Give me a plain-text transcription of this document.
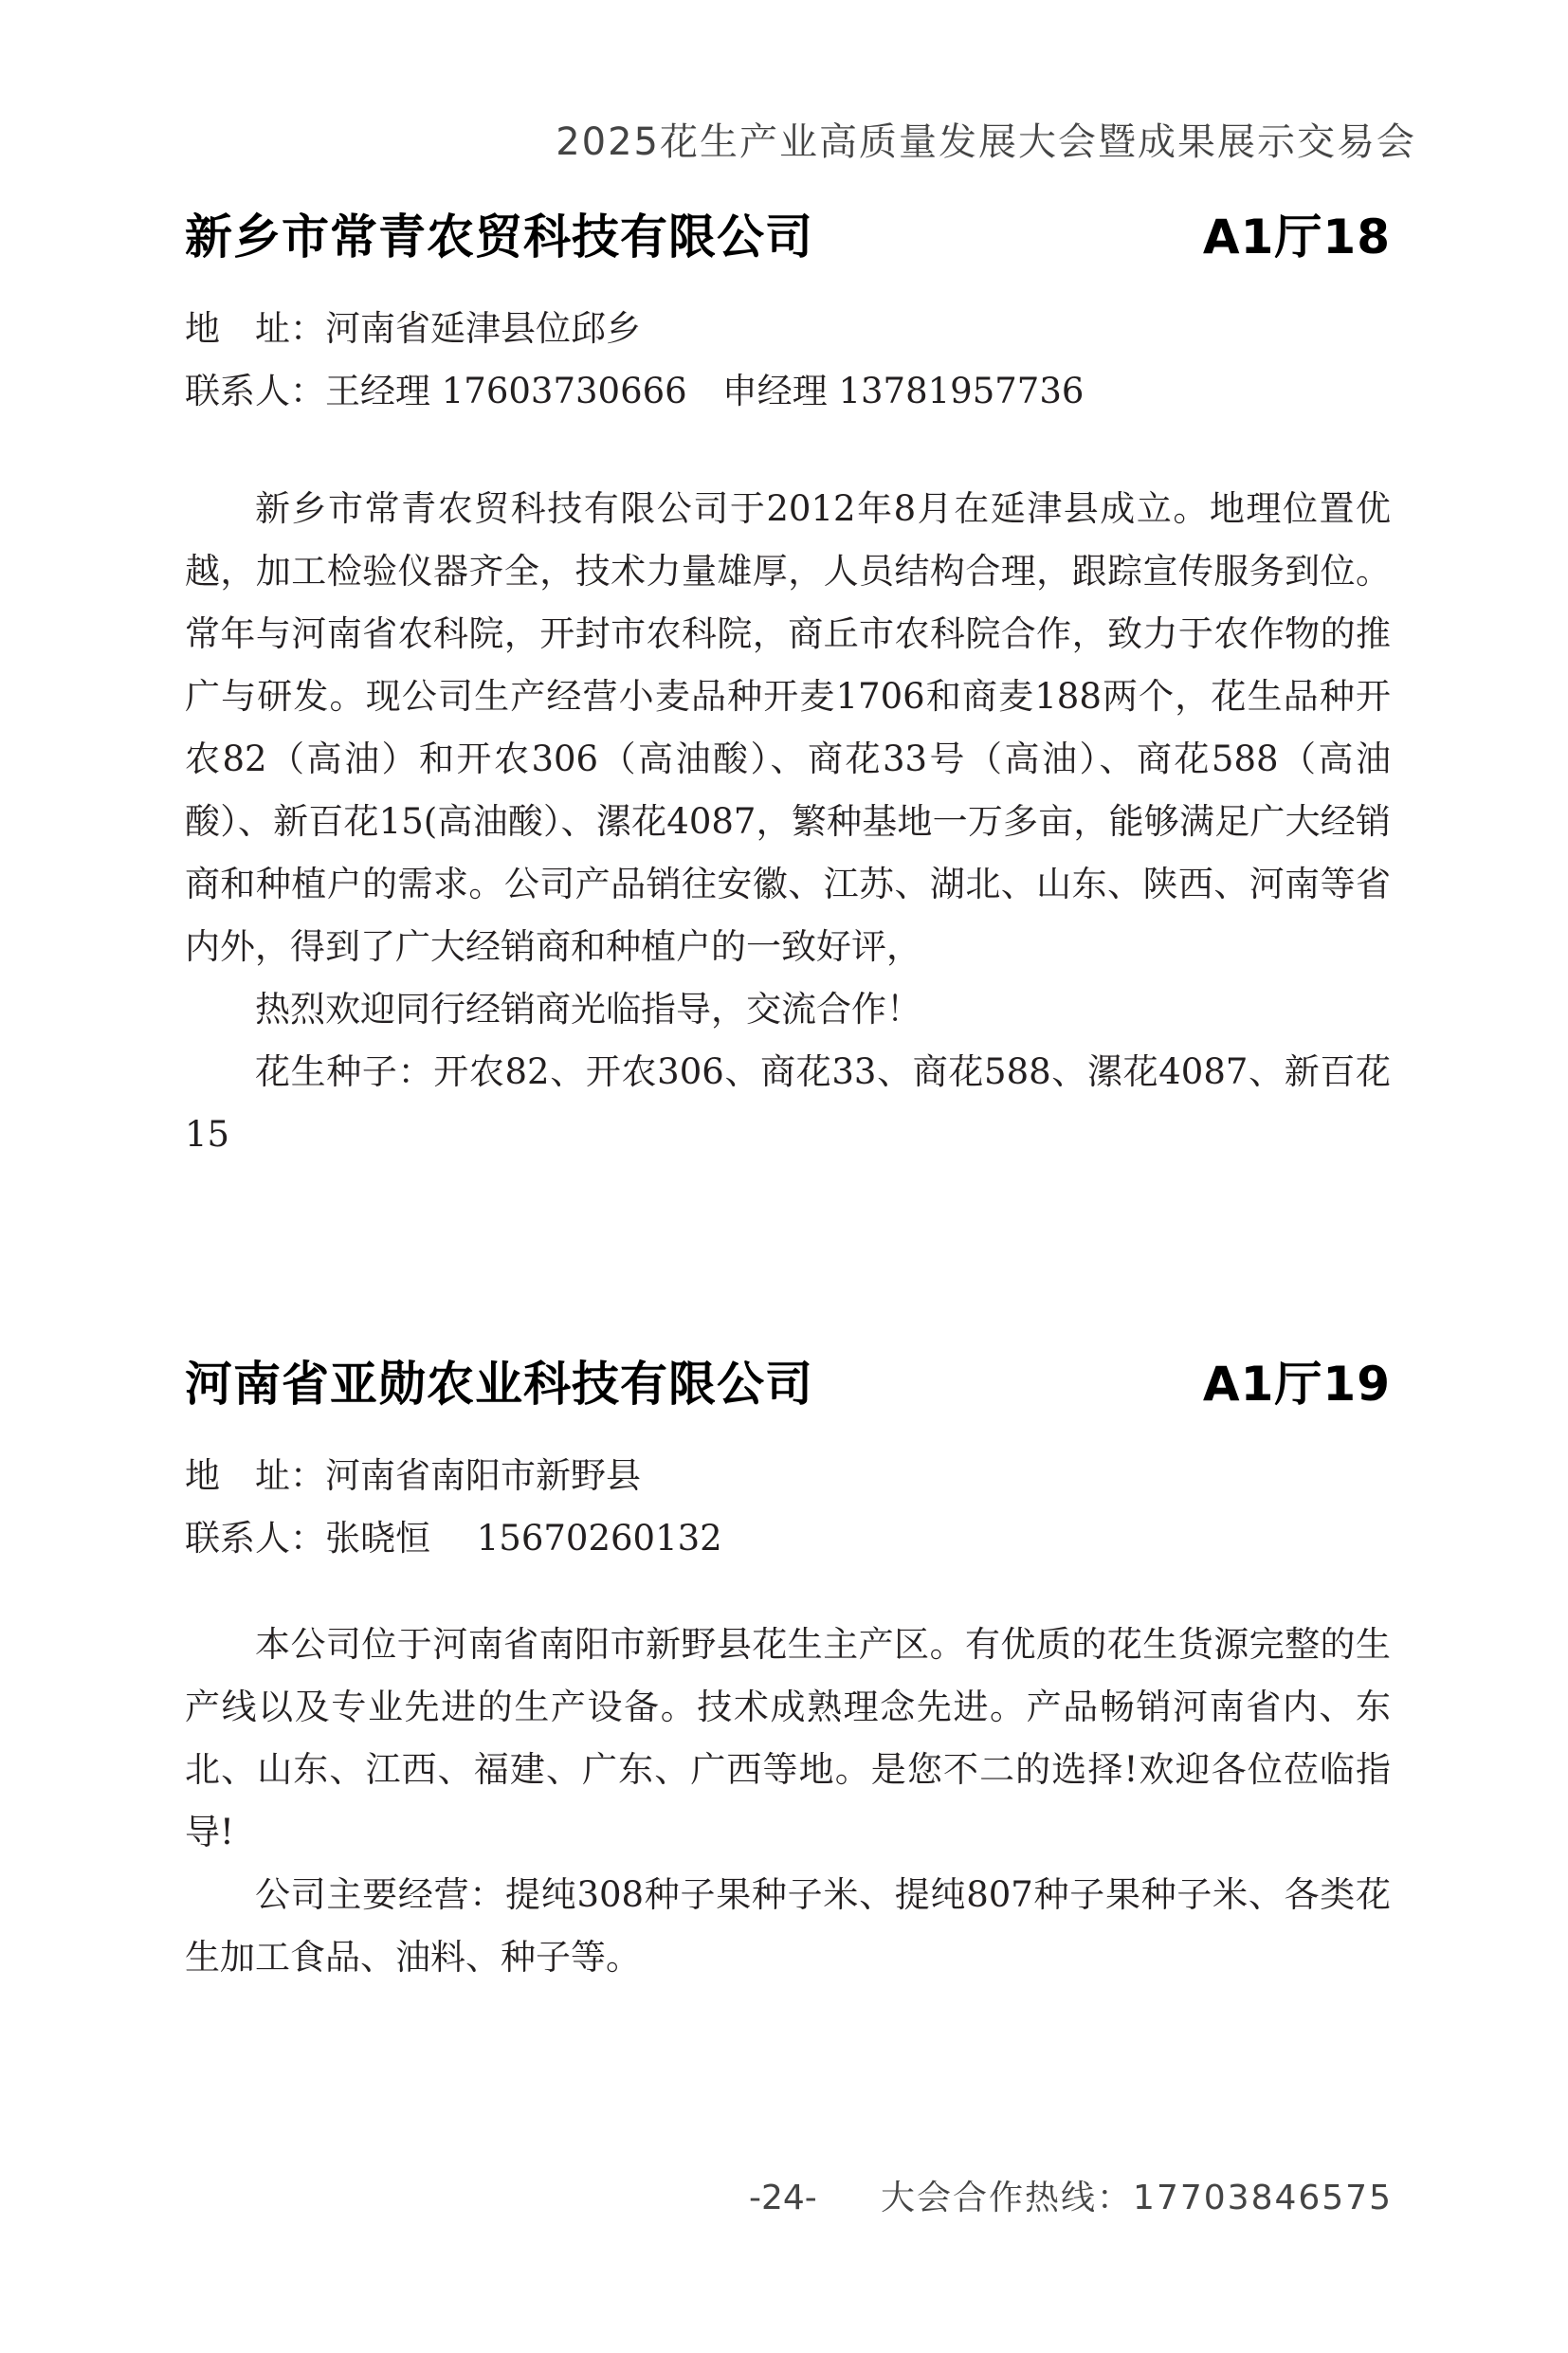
2025花生产业高质量发展大会暨成果展示交易会
新乡市常青农贸科技有限公司	A1厅18
地　址：河南省延津县位邱乡
联系人：王经理 17603730666　申经理 13781957736

新乡市常青农贸科技有限公司于2012年8月在延津县成立。地理位置优越，加工检验仪器齐全，技术力量雄厚，人员结构合理，跟踪宣传服务到位。常年与河南省农科院，开封市农科院，商丘市农科院合作，致力于农作物的推广与研发。现公司生产经营小麦品种开麦1706和商麦188两个，花生品种开农82（高油）和开农306（高油酸）、商花33号（高油）、商花588（高油酸）、新百花15(高油酸）、漯花4087，繁种基地一万多亩，能够满足广大经销商和种植户的需求。公司产品销往安徽、江苏、湖北、山东、陕西、河南等省内外，得到了广大经销商和种植户的一致好评，

热烈欢迎同行经销商光临指导，交流合作！

花生种子：开农82、开农306、商花33、商花588、漯花4087、新百花15

河南省亚勋农业科技有限公司	A1厅19
地　址：河南省南阳市新野县
联系人：张晓恒　 15670260132

本公司位于河南省南阳市新野县花生主产区。有优质的花生货源完整的生产线以及专业先进的生产设备。技术成熟理念先进。产品畅销河南省内、东北、山东、江西、福建、广东、广西等地。是您不二的选择!欢迎各位莅临指导!

公司主要经营：提纯308种子果种子米、提纯807种子果种子米、各类花生加工食品、油料、种子等。

-24- 大会合作热线：17703846575
